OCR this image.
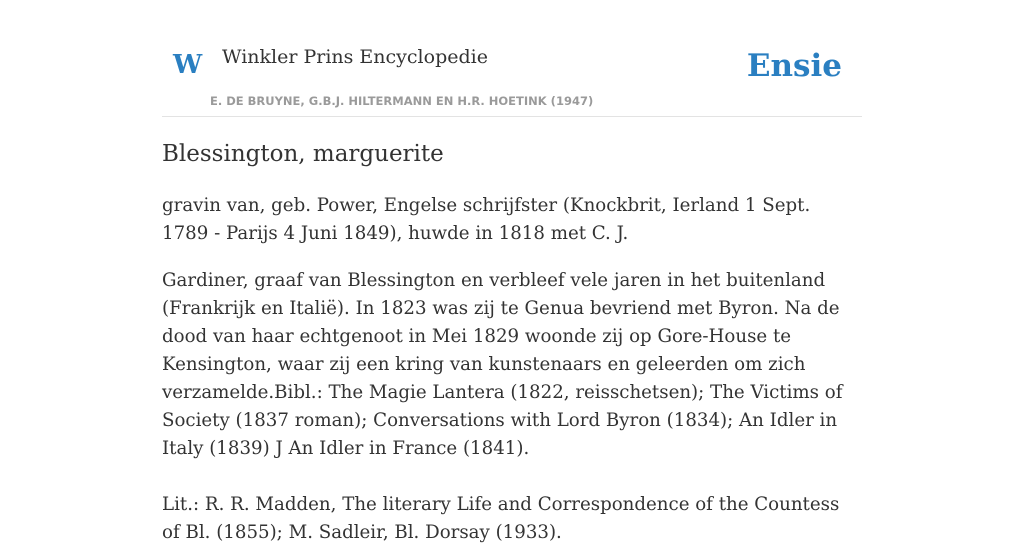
W Winkler Prins Encyclopedie
E. DE BRUYNE, G.B.J. HILTERMANN EN H.R. HOETINK (1947)
Ensie
Blessington, marguerite

gravin van, geb. Power, Engelse schrijfster (Knockbrit, Ierland 1 Sept. 1789 - Parijs 4 Juni 1849), huwde in 1818 met C. J.

Gardiner, graaf van Blessington en verbleef vele jaren in het buitenland (Frankrijk en Italië). In 1823 was zij te Genua bevriend met Byron. Na de dood van haar echtgenoot in Mei 1829 woonde zij op Gore-House te Kensington, waar zij een kring van kunstenaars en geleerden om zich verzamelde.Bibl.: The Magie Lantera (1822, reisschetsen); The Victims of Society (1837 roman); Conversations with Lord Byron (1834); An Idler in Italy (1839) J An Idler in France (1841).

Lit.: R. R. Madden, The literary Life and Correspondence of the Countess of Bl. (1855); M. Sadleir, Bl. Dorsay (1933).
